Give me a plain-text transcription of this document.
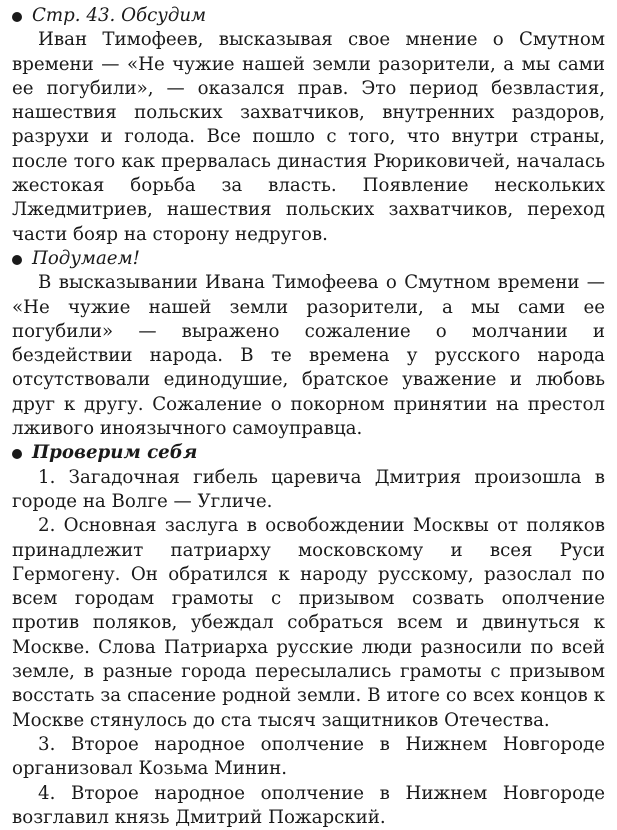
Стр. 43. Обсудим

Иван Тимофеев, высказывая свое мнение о Смутном времени — «Не чужие нашей земли разорители, а мы сами ее погубили», — оказался прав. Это период безвластия, нашествия польских захватчиков, внутренних раздоров, разрухи и голода. Все пошло с того, что внутри страны, после того как прервалась династия Рюриковичей, началась жестокая борьба за власть. Появление нескольких Лжедмитриев, нашествия польских захватчиков, переход части бояр на сторону недругов.

Подумаем!

В высказывании Ивана Тимофеева о Смутном времени — «Не чужие нашей земли разорители, а мы сами ее погубили» — выражено сожаление о молчании и бездействии народа. В те времена у русского народа отсутствовали единодушие, братское уважение и любовь друг к другу. Сожаление о покорном принятии на престол лживого иноязычного самоуправца.

Проверим себя

1. Загадочная гибель царевича Дмитрия произошла в городе на Волге — Угличе.

2. Основная заслуга в освобождении Москвы от поляков принадлежит патриарху московскому и всея Руси Гермогену. Он обратился к народу русскому, разослал по всем городам грамоты с призывом созвать ополчение против поляков, убеждал собраться всем и двинуться к Москве. Слова Патриарха русские люди разносили по всей земле, в разные города пересылались грамоты с призывом восстать за спасение родной земли. В итоге со всех концов к Москве стянулось до ста тысяч защитников Отечества.

3. Второе народное ополчение в Нижнем Новгороде организовал Козьма Минин.

4. Второе народное ополчение в Нижнем Новгороде возглавил князь Дмитрий Пожарский.
